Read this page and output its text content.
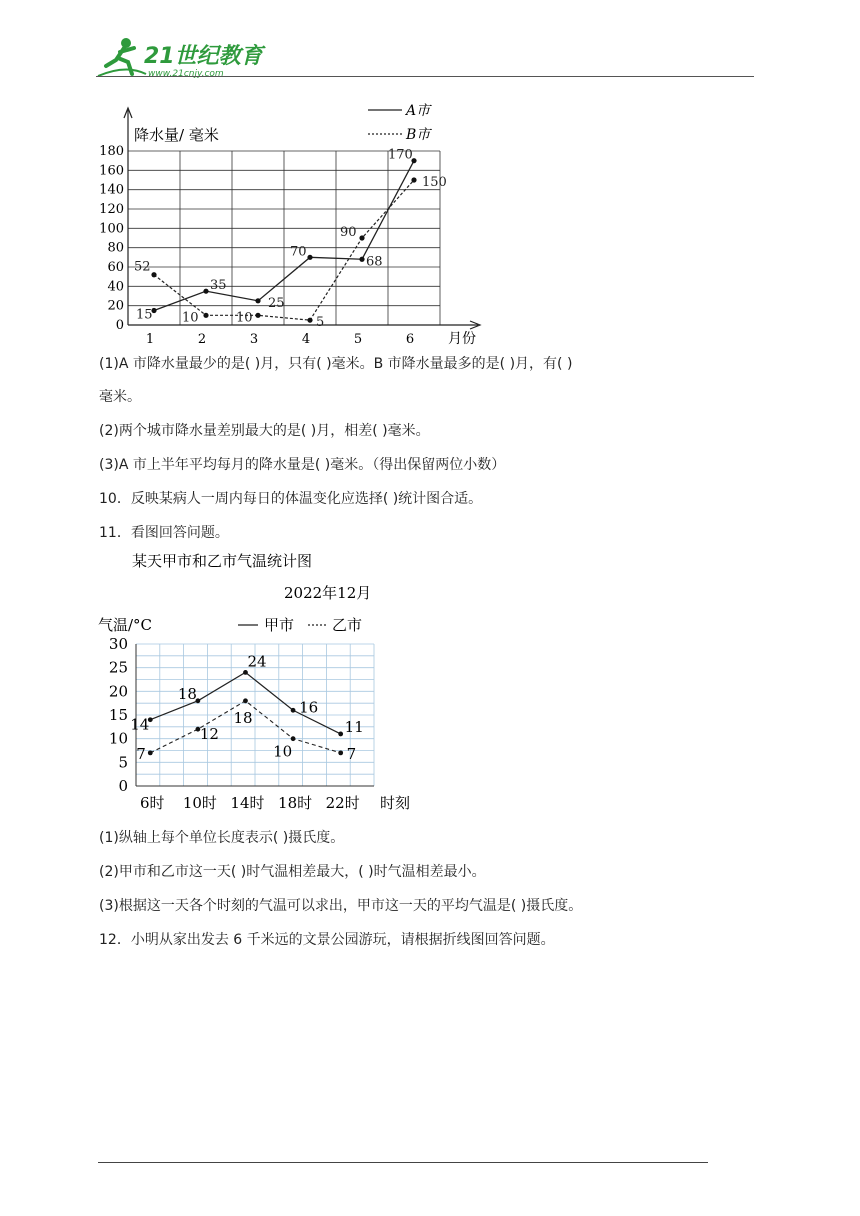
21世纪教育
www.21cnjy.com
0
20
40
60
80
100
120
140
160
180
降水量/ 毫米
1	2	3	4	5	6 月份
A市
B市
15
35
25
70
68
170
52
10	10	5
90
150
(1)A 市降水量最少的是( )月，只有( )毫米。B 市降水量最多的是( )月，有( )
毫米。
(2)两个城市降水量差别最大的是( )月，相差( )毫米。
(3)A 市上半年平均每月的降水量是( )毫米。（得出保留两位小数）
10．反映某病人一周内每日的体温变化应选择( )统计图合适。
11．看图回答问题。
某天甲市和乙市气温统计图
2022年12月
气温/°C	甲市	乙市
0
5
10
15
20
25
30
6时 10时 14时 18时 22时 时刻
14
18
24
16
11
7
12
18
10	7
(1)纵轴上每个单位长度表示( )摄氏度。
(2)甲市和乙市这一天( )时气温相差最大，( )时气温相差最小。
(3)根据这一天各个时刻的气温可以求出，甲市这一天的平均气温是( )摄氏度。
12．小明从家出发去 6 千米远的文景公园游玩，请根据折线图回答问题。
